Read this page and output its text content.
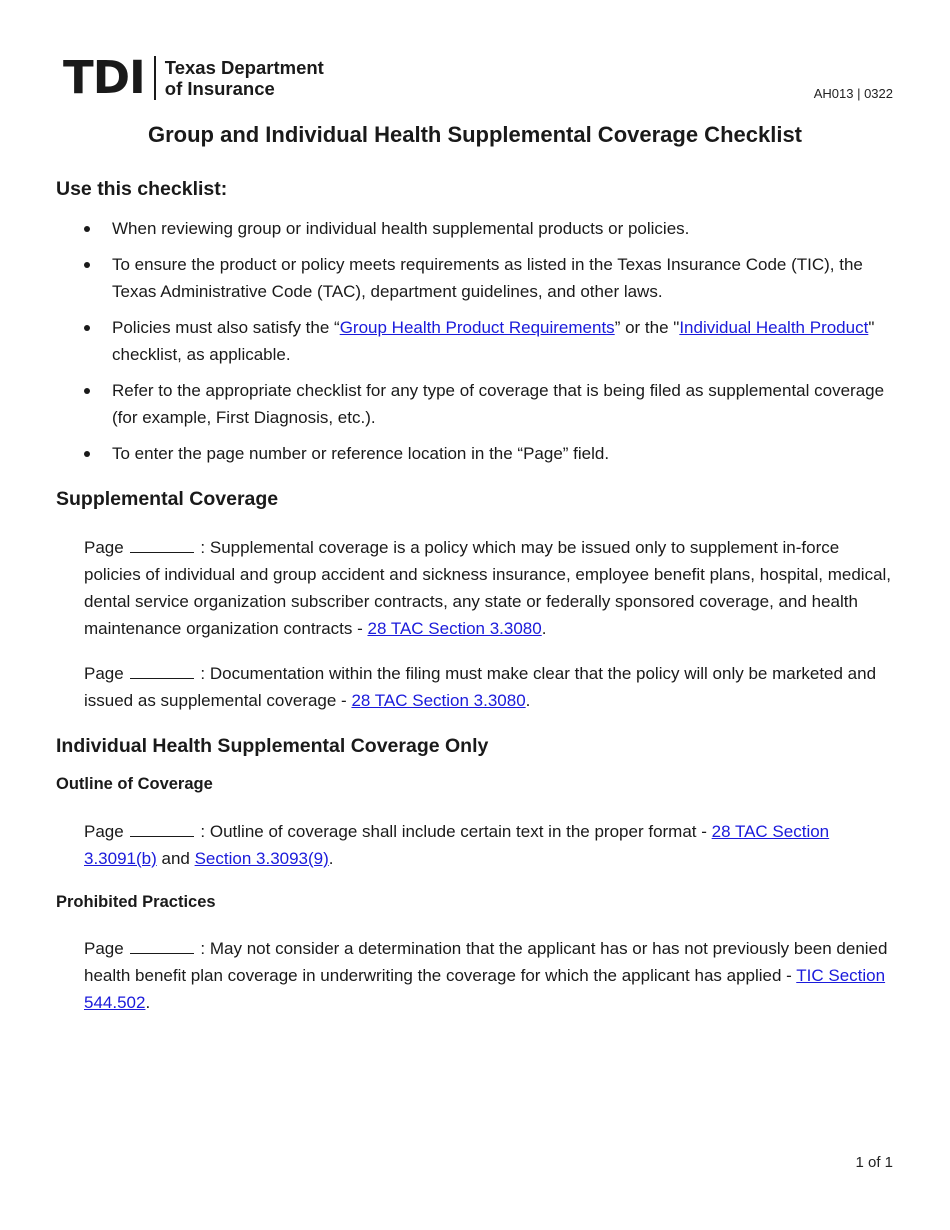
TDI Texas Department
of Insurance	AH013 | 0322
Group and Individual Health Supplemental Coverage Checklist
Use this checklist:
When reviewing group or individual health supplemental products or policies.
To ensure the product or policy meets requirements as listed in the Texas Insurance Code (TIC), the Texas Administrative Code (TAC), department guidelines, and other laws.
Policies must also satisfy the “Group Health Product Requirements” or the "Individual Health Product" checklist, as applicable.
Refer to the appropriate checklist for any type of coverage that is being filed as supplemental coverage (for example, First Diagnosis, etc.).
To enter the page number or reference location in the “Page” field.
Supplemental Coverage

Page	: Supplemental coverage is a policy which may be issued only to supplement in-force policies of individual and group accident and sickness insurance, employee benefit plans, hospital, medical, dental service organization subscriber contracts, any state or federally sponsored coverage, and health maintenance organization contracts - 28 TAC Section 3.3080.

Page	: Documentation within the filing must make clear that the policy will only be marketed and issued as supplemental coverage - 28 TAC Section 3.3080.

Individual Health Supplemental Coverage Only
Outline of Coverage

Page	: Outline of coverage shall include certain text in the proper format - 28 TAC Section 3.3091(b) and Section 3.3093(9).

Prohibited Practices

Page	: May not consider a determination that the applicant has or has not previously been denied health benefit plan coverage in underwriting the coverage for which the applicant has applied - TIC Section 544.502.

1 of 1
